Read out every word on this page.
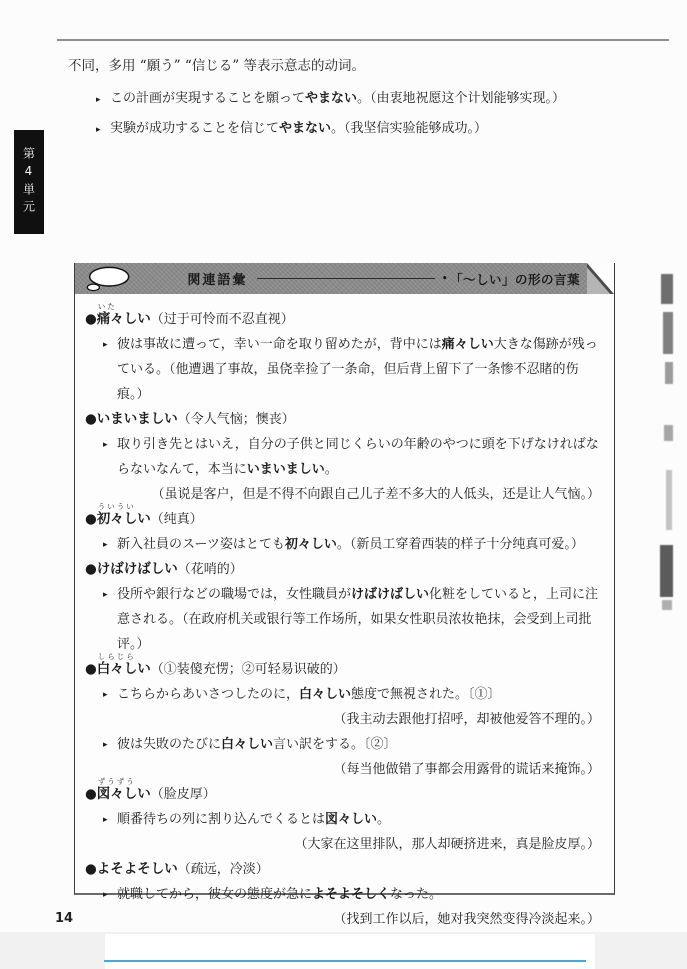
不同，多用 “願う” “信じる” 等表示意志的动词。
▸ この計画が実現することを願ってやまない。（由衷地祝愿这个计划能够实现。）
▸ 実験が成功することを信じてやまない。（我坚信实验能够成功。）
第4単元
関連語彙	• 「〜しい」の形の言葉
●
いた
痛々しい（过于可怜而不忍直视）
▸ 彼は事故に遭って，幸い一命を取り留めたが，背中には痛々しい大きな傷跡が残っている。（他遭遇了事故，虽侥幸捡了一条命，但后背上留下了一条惨不忍睹的伤痕。）
●いまいましい（令人气恼；懊丧）
▸ 取り引き先とはいえ，自分の子供と同じくらいの年齢のやつに頭を下げなければならないなんて，本当にいまいましい。
（虽说是客户，但是不得不向跟自己儿子差不多大的人低头，还是让人气恼。）
●
ういうい
初々しい（纯真）
▸ 新入社員のスーツ姿はとても初々しい。（新员工穿着西装的样子十分纯真可爱。）
●けばけばしい（花哨的）
▸ 役所や銀行などの職場では，女性職員がけばけばしい化粧をしていると，上司に注意される。（在政府机关或银行等工作场所，如果女性职员浓妆艳抹，会受到上司批评。）
●
しらじら
白々しい（①装傻充愣；②可轻易识破的）
▸ こちらからあいさつしたのに，白々しい態度で無視された。〔①〕
（我主动去跟他打招呼，却被他爱答不理的。）
▸ 彼は失敗のたびに白々しい言い訳をする。〔②〕
（每当他做错了事都会用露骨的谎话来掩饰。）
●
ずうずう
図々しい（脸皮厚）
▸ 順番待ちの列に割り込んでくるとは図々しい。
（大家在这里排队，那人却硬挤进来，真是脸皮厚。）
●よそよそしい（疏远，冷淡）
▸ 就職してから，彼女の態度が急によそよそしくなった。
（找到工作以后，她对我突然变得冷淡起来。）
14
